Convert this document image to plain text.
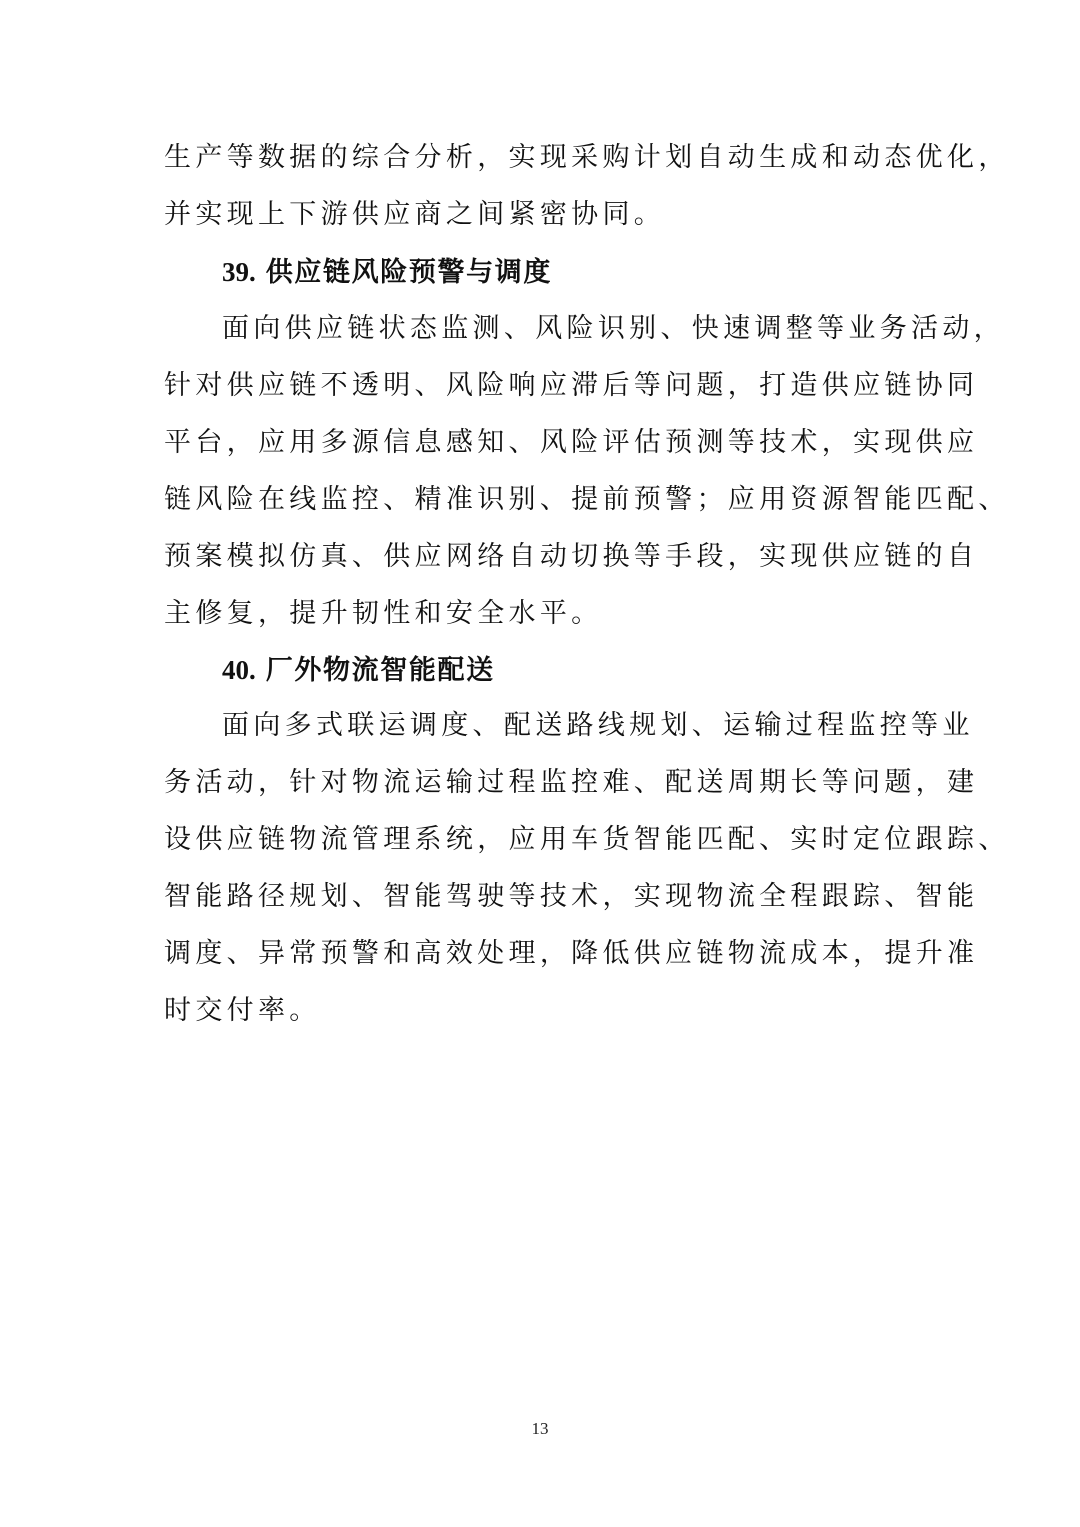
生产等数据的综合分析，实现采购计划自动生成和动态优化，
并实现上下游供应商之间紧密协同。
39. 供应链风险预警与调度
面向供应链状态监测、风险识别、快速调整等业务活动，
针对供应链不透明、风险响应滞后等问题，打造供应链协同
平台，应用多源信息感知、风险评估预测等技术，实现供应
链风险在线监控、精准识别、提前预警；应用资源智能匹配、
预案模拟仿真、供应网络自动切换等手段，实现供应链的自
主修复，提升韧性和安全水平。
40. 厂外物流智能配送
面向多式联运调度、配送路线规划、运输过程监控等业
务活动，针对物流运输过程监控难、配送周期长等问题，建
设供应链物流管理系统，应用车货智能匹配、实时定位跟踪、
智能路径规划、智能驾驶等技术，实现物流全程跟踪、智能
调度、异常预警和高效处理，降低供应链物流成本，提升准
时交付率。
13
